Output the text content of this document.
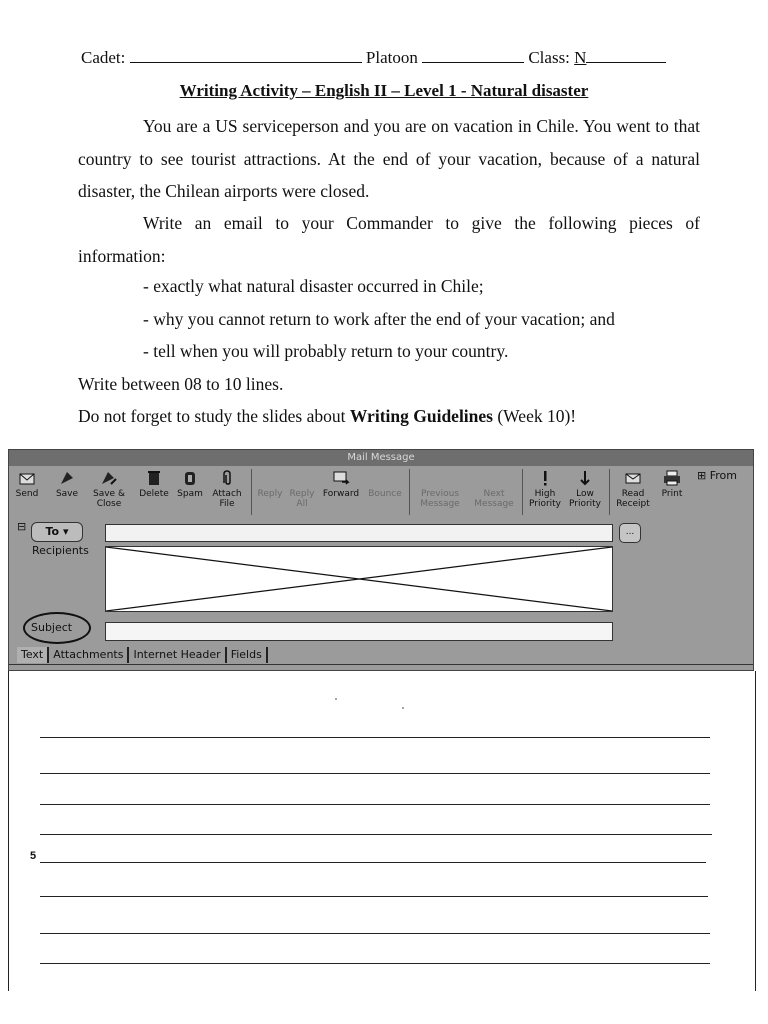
Cadet:	Platoon	Class: N
Writing Activity – English II – Level 1 - Natural disaster
You are a US serviceperson and you are on vacation in Chile. You went to that country to see tourist attractions. At the end of your vacation, because of a natural disaster, the Chilean airports were closed.
Write an email to your Commander to give the following pieces of information:
- exactly what natural disaster occurred in Chile;
- why you cannot return to work after the end of your vacation; and
- tell when you will probably return to your country.
Write between 08 to 10 lines.
Do not forget to study the slides about Writing Guidelines (Week 10)!
Mail Message
Send	Save	Save & Close
Delete Spam	Attach File
Reply Reply All
Forward	Bounce	Previous Message
Next Message
High Priority
Low Priority
Read Receipt
Print
⊞ From
⊟	To ▾	...
Recipients
Subject
Text Attachments Internet Header Fields
5
